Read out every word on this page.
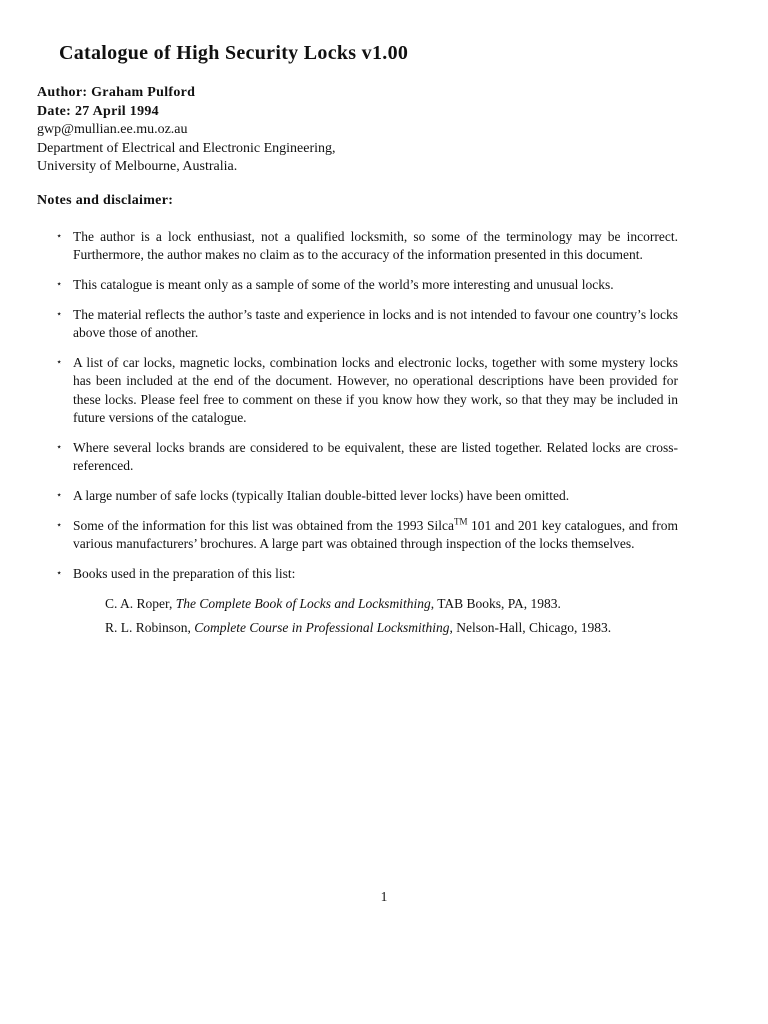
Catalogue of High Security Locks v1.00
Author: Graham Pulford
Date: 27 April 1994
gwp@mullian.ee.mu.oz.au
Department of Electrical and Electronic Engineering,
University of Melbourne, Australia.
Notes and disclaimer:
⋆ The author is a lock enthusiast, not a qualified locksmith, so some of the terminology may be incorrect. Furthermore, the author makes no claim as to the accuracy of the information presented in this document.
⋆ This catalogue is meant only as a sample of some of the world’s more interesting and unusual locks.
⋆ The material reflects the author’s taste and experience in locks and is not intended to favour one country’s locks above those of another.
⋆ A list of car locks, magnetic locks, combination locks and electronic locks, together with some mystery locks has been included at the end of the document. However, no operational descriptions have been provided for these locks. Please feel free to comment on these if you know how they work, so that they may be included in future versions of the catalogue.
⋆ Where several locks brands are considered to be equivalent, these are listed together. Related locks are cross-referenced.
⋆ A large number of safe locks (typically Italian double-bitted lever locks) have been omitted.
⋆ Some of the information for this list was obtained from the 1993 Silca™ 101 and 201 key catalogues, and from various manufacturers’ brochures. A large part was obtained through inspection of the locks themselves.
⋆ Books used in the preparation of this list:
C. A. Roper, The Complete Book of Locks and Locksmithing, TAB Books, PA, 1983.
R. L. Robinson, Complete Course in Professional Locksmithing, Nelson-Hall, Chicago, 1983.
1
